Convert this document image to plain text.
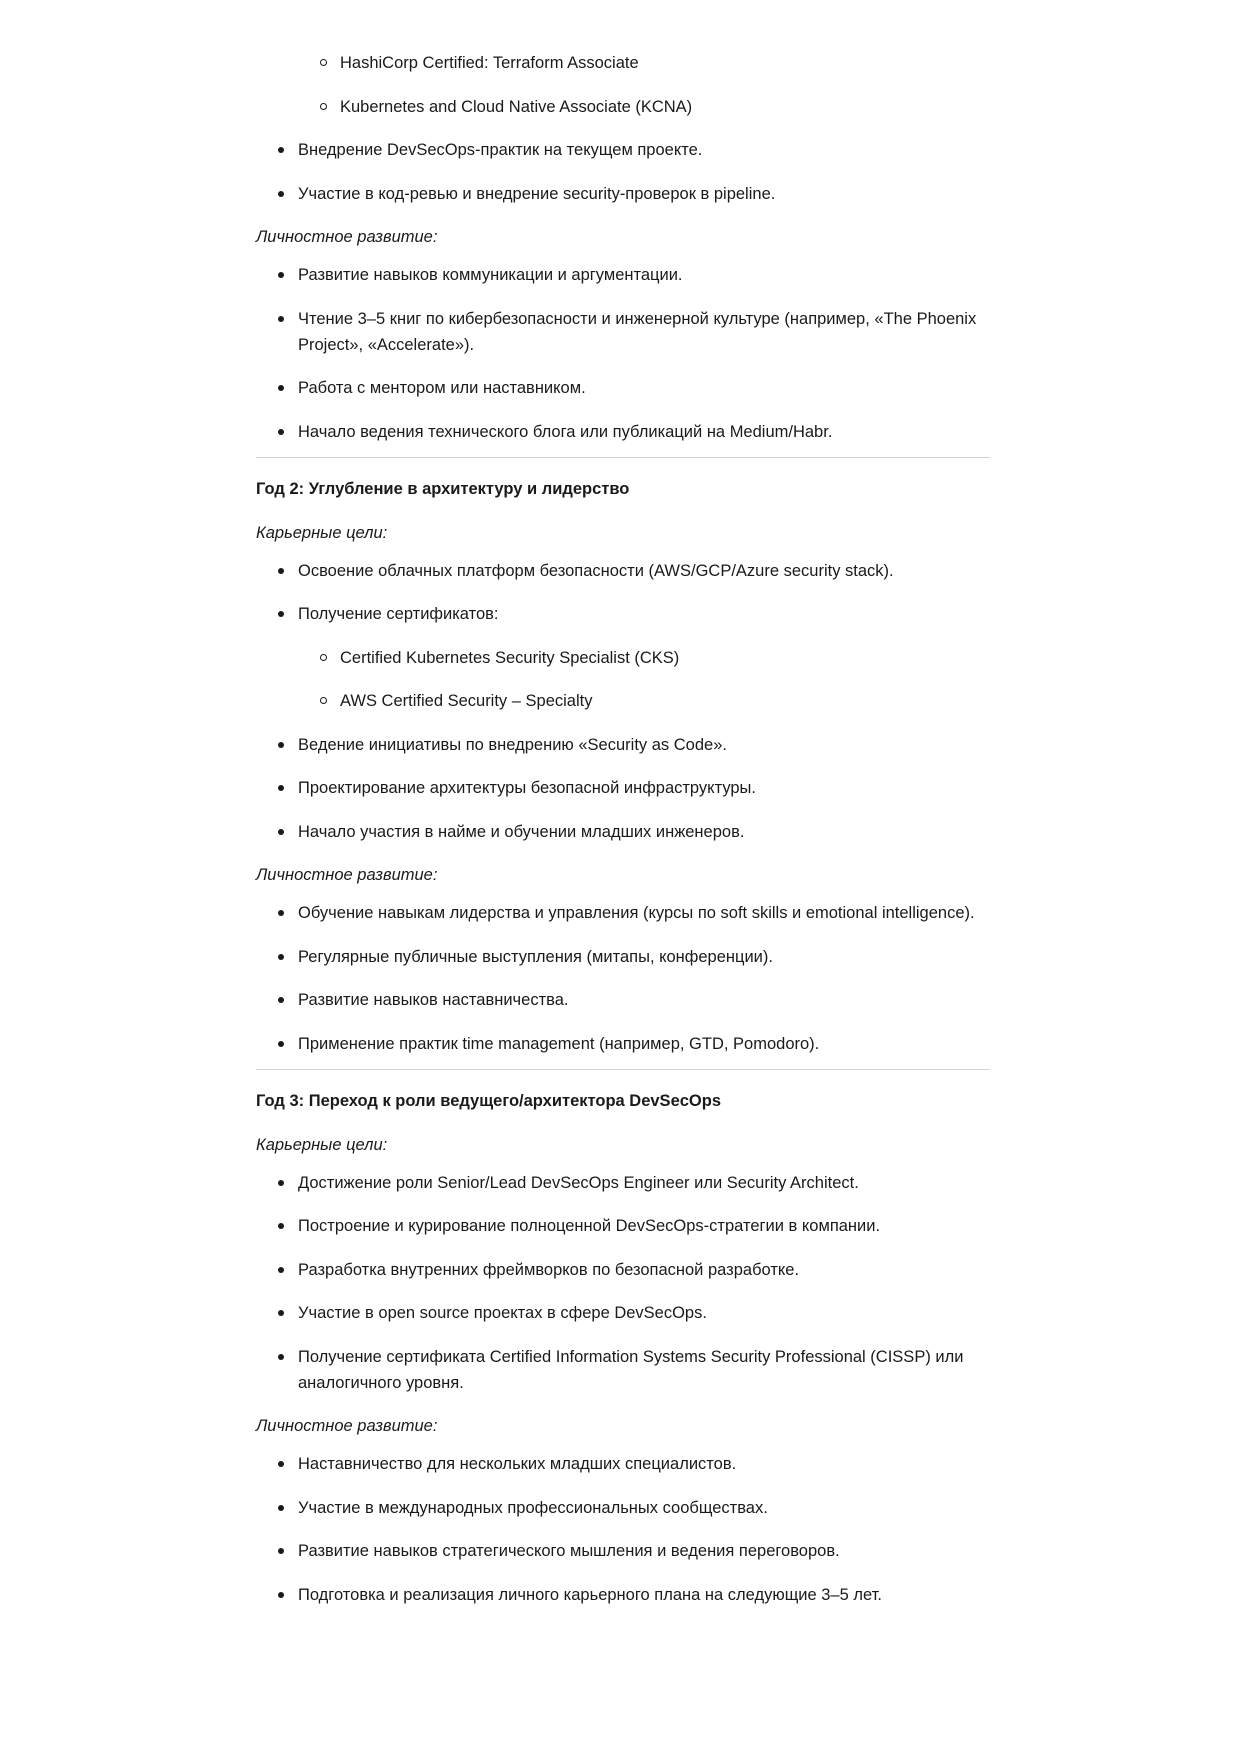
HashiCorp Certified: Terraform Associate
Kubernetes and Cloud Native Associate (KCNA)
Внедрение DevSecOps-практик на текущем проекте.
Участие в код-ревью и внедрение security-проверок в pipeline.

Личностное развитие:

Развитие навыков коммуникации и аргументации.
Чтение 3–5 книг по кибербезопасности и инженерной культуре (например, «The Phoenix Project», «Accelerate»).
Работа с ментором или наставником.
Начало ведения технического блога или публикаций на Medium/Habr.

Год 2: Углубление в архитектуру и лидерство

Карьерные цели:

Освоение облачных платформ безопасности (AWS/GCP/Azure security stack).
Получение сертификатов:
Certified Kubernetes Security Specialist (CKS)
AWS Certified Security – Specialty
Ведение инициативы по внедрению «Security as Code».
Проектирование архитектуры безопасной инфраструктуры.
Начало участия в найме и обучении младших инженеров.

Личностное развитие:

Обучение навыкам лидерства и управления (курсы по soft skills и emotional intelligence).
Регулярные публичные выступления (митапы, конференции).
Развитие навыков наставничества.
Применение практик time management (например, GTD, Pomodoro).

Год 3: Переход к роли ведущего/архитектора DevSecOps

Карьерные цели:

Достижение роли Senior/Lead DevSecOps Engineer или Security Architect.
Построение и курирование полноценной DevSecOps-стратегии в компании.
Разработка внутренних фреймворков по безопасной разработке.
Участие в open source проектах в сфере DevSecOps.
Получение сертификата Certified Information Systems Security Professional (CISSP) или аналогичного уровня.

Личностное развитие:

Наставничество для нескольких младших специалистов.
Участие в международных профессиональных сообществах.
Развитие навыков стратегического мышления и ведения переговоров.
Подготовка и реализация личного карьерного плана на следующие 3–5 лет.
